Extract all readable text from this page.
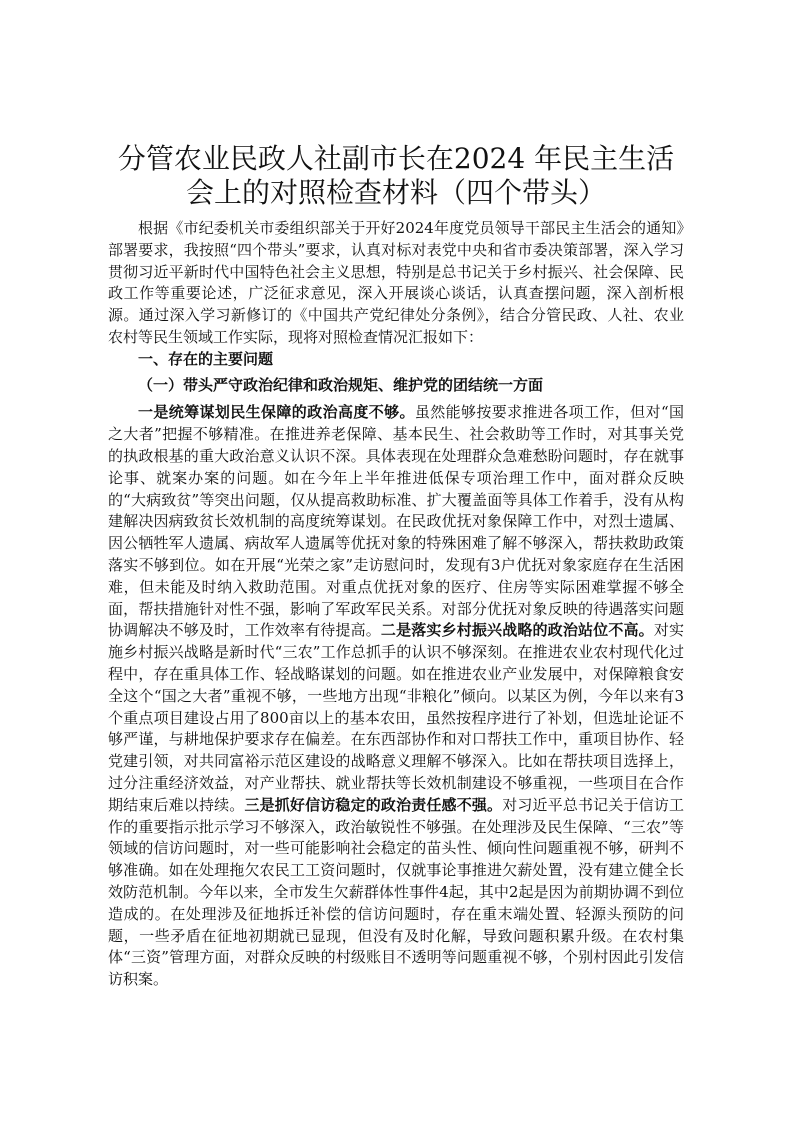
分管农业民政人社副市长在2024 年民主生活
会上的对照检查材料（四个带头）

根据《市纪委机关市委组织部关于开好2024年度党员领导干部民主生活会的通知》部署要求，我按照“四个带头”要求，认真对标对表党中央和省市委决策部署，深入学习贯彻习近平新时代中国特色社会主义思想，特别是总书记关于乡村振兴、社会保障、民政工作等重要论述，广泛征求意见，深入开展谈心谈话，认真查摆问题，深入剖析根源。通过深入学习新修订的《中国共产党纪律处分条例》，结合分管民政、人社、农业农村等民生领域工作实际，现将对照检查情况汇报如下：

一、存在的主要问题

（一）带头严守政治纪律和政治规矩、维护党的团结统一方面

一是统筹谋划民生保障的政治高度不够。虽然能够按要求推进各项工作，但对“国之大者”把握不够精准。在推进养老保障、基本民生、社会救助等工作时，对其事关党的执政根基的重大政治意义认识不深。具体表现在处理群众急难愁盼问题时，存在就事论事、就案办案的问题。如在今年上半年推进低保专项治理工作中，面对群众反映的“大病致贫”等突出问题，仅从提高救助标准、扩大覆盖面等具体工作着手，没有从构建解决因病致贫长效机制的高度统筹谋划。在民政优抚对象保障工作中，对烈士遗属、因公牺牲军人遗属、病故军人遗属等优抚对象的特殊困难了解不够深入，帮扶救助政策落实不够到位。如在开展“光荣之家”走访慰问时，发现有3户优抚对象家庭存在生活困难，但未能及时纳入救助范围。对重点优抚对象的医疗、住房等实际困难掌握不够全面，帮扶措施针对性不强，影响了军政军民关系。对部分优抚对象反映的待遇落实问题协调解决不够及时，工作效率有待提高。二是落实乡村振兴战略的政治站位不高。对实施乡村振兴战略是新时代“三农”工作总抓手的认识不够深刻。在推进农业农村现代化过程中，存在重具体工作、轻战略谋划的问题。如在推进农业产业发展中，对保障粮食安全这个“国之大者”重视不够，一些地方出现“非粮化”倾向。以某区为例，今年以来有3个重点项目建设占用了800亩以上的基本农田，虽然按程序进行了补划，但选址论证不够严谨，与耕地保护要求存在偏差。在东西部协作和对口帮扶工作中，重项目协作、轻党建引领，对共同富裕示范区建设的战略意义理解不够深入。比如在帮扶项目选择上，过分注重经济效益，对产业帮扶、就业帮扶等长效机制建设不够重视，一些项目在合作期结束后难以持续。三是抓好信访稳定的政治责任感不强。对习近平总书记关于信访工作的重要指示批示学习不够深入，政治敏锐性不够强。在处理涉及民生保障、“三农”等领域的信访问题时，对一些可能影响社会稳定的苗头性、倾向性问题重视不够，研判不够准确。如在处理拖欠农民工工资问题时，仅就事论事推进欠薪处置，没有建立健全长效防范机制。今年以来，全市发生欠薪群体性事件4起，其中2起是因为前期协调不到位造成的。在处理涉及征地拆迁补偿的信访问题时，存在重末端处置、轻源头预防的问题，一些矛盾在征地初期就已显现，但没有及时化解，导致问题积累升级。在农村集体“三资”管理方面，对群众反映的村级账目不透明等问题重视不够，个别村因此引发信访积案。
